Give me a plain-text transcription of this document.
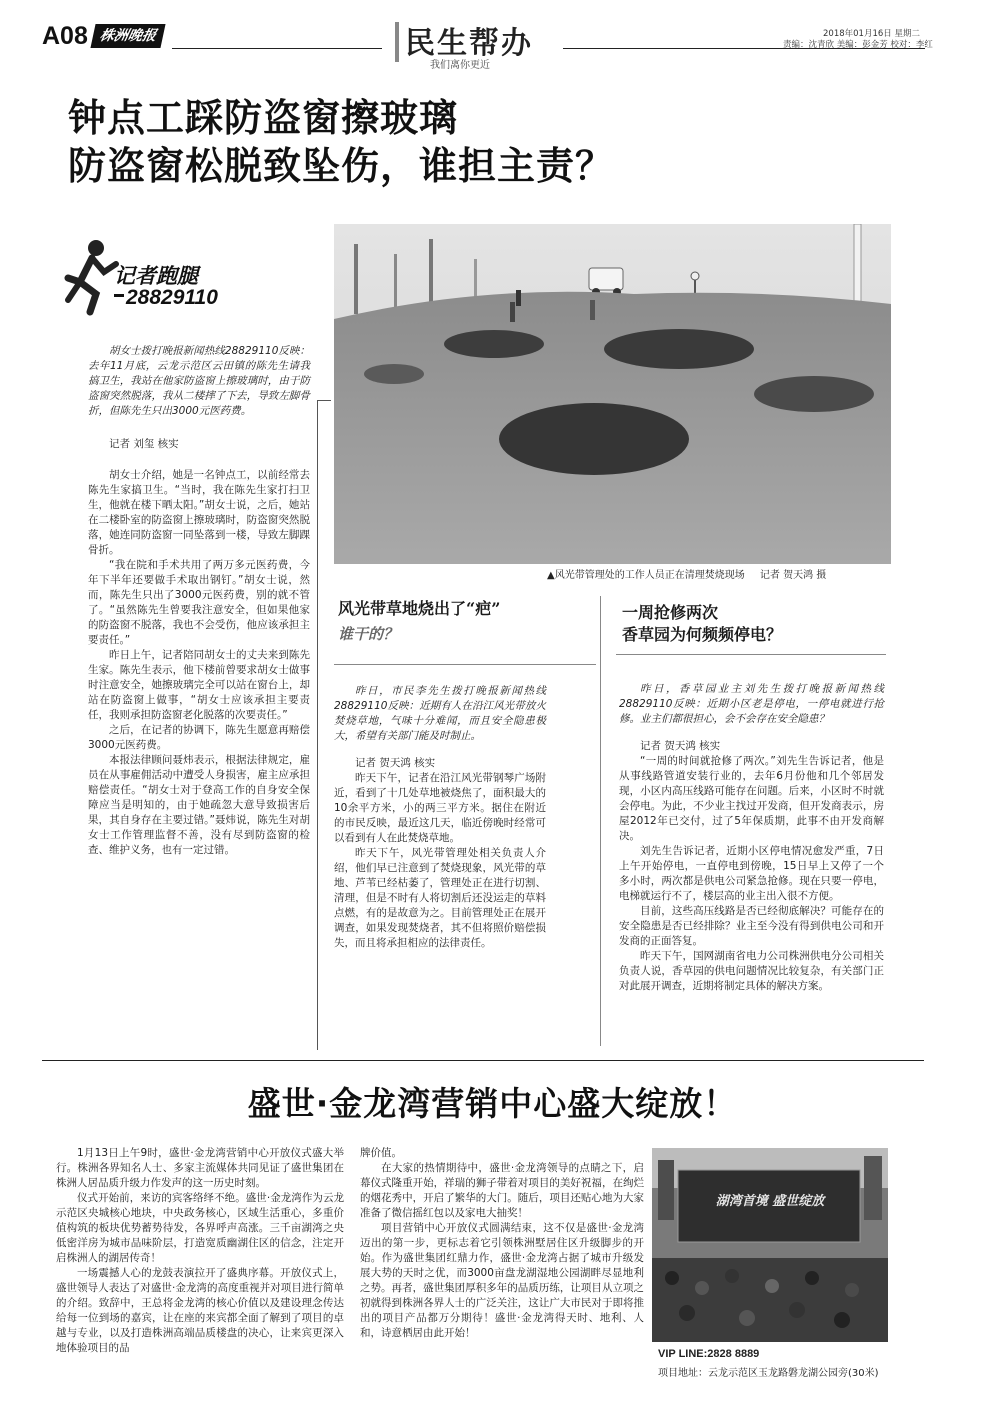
A08 株洲晚报	民生帮办
我们离你更近
2018年01月16日 星期二
责编：沈青欣 美编：彭金芳 校对：李红
钟点工踩防盗窗擦玻璃
防盗窗松脱致坠伤，谁担主责？
记者跑腿
28829110

胡女士拨打晚报新闻热线28829110反映：去年11月底，云龙示范区云田镇的陈先生请我搞卫生，我站在他家防盗窗上擦玻璃时，由于防盗窗突然脱落，我从二楼摔了下去，导致左脚骨折，但陈先生只出3000元医药费。

记者 刘玺 核实

胡女士介绍，她是一名钟点工，以前经常去陈先生家搞卫生。“当时，我在陈先生家打扫卫生，他就在楼下晒太阳。”胡女士说，之后，她站在二楼卧室的防盗窗上擦玻璃时，防盗窗突然脱落，她连同防盗窗一同坠落到一楼，导致左脚踝骨折。

“我在院和手术共用了两万多元医药费，今年下半年还要做手术取出钢钉。”胡女士说，然而，陈先生只出了3000元医药费，别的就不管了。“虽然陈先生曾要我注意安全，但如果他家的防盗窗不脱落，我也不会受伤，他应该承担主要责任。”

昨日上午，记者陪同胡女士的丈夫来到陈先生家。陈先生表示，他下楼前曾要求胡女士做事时注意安全，她擦玻璃完全可以站在窗台上，却站在防盗窗上做事，“胡女士应该承担主要责任，我则承担防盗窗老化脱落的次要责任。”

之后，在记者的协调下，陈先生愿意再赔偿3000元医药费。

本报法律顾问聂炜表示，根据法律规定，雇员在从事雇佣活动中遭受人身损害，雇主应承担赔偿责任。“胡女士对于登高工作的自身安全保障应当是明知的，由于她疏忽大意导致损害后果，其自身存在主要过错。”聂炜说，陈先生对胡女士工作管理监督不善，没有尽到防盗窗的检查、维护义务，也有一定过错。

▲风光带管理处的工作人员正在清理焚烧现场 记者 贺天鸿 摄
风光带草地烧出了“疤”
谁干的？

昨日，市民李先生拨打晚报新闻热线28829110反映：近期有人在沿江风光带放火焚烧草地，气味十分难闻，而且安全隐患极大，希望有关部门能及时制止。

记者 贺天鸿 核实

昨天下午，记者在沿江风光带钢琴广场附近，看到了十几处草地被烧焦了，面积最大的10余平方米，小的两三平方米。据住在附近的市民反映，最近这几天，临近傍晚时经常可以看到有人在此焚烧草地。

昨天下午，风光带管理处相关负责人介绍，他们早已注意到了焚烧现象，风光带的草地、芦苇已经枯萎了，管理处正在进行切割、清理，但是不时有人将切割后还没运走的草料点燃，有的是故意为之。目前管理处正在展开调查，如果发现焚烧者，其不但将照价赔偿损失，而且将承担相应的法律责任。

一周抢修两次
香草园为何频频停电？

昨日，香草园业主刘先生拨打晚报新闻热线28829110反映：近期小区老是停电，一停电就进行抢修。业主们都很担心，会不会存在安全隐患？

记者 贺天鸿 核实

“一周的时间就抢修了两次。”刘先生告诉记者，他是从事线路管道安装行业的，去年6月份他和几个邻居发现，小区内高压线路可能存在问题。后来，小区时不时就会停电。为此，不少业主找过开发商，但开发商表示，房屋2012年已交付，过了5年保质期，此事不由开发商解决。

刘先生告诉记者，近期小区停电情况愈发严重，7日上午开始停电，一直停电到傍晚，15日早上又停了一个多小时，两次都是供电公司紧急抢修。现在只要一停电，电梯就运行不了，楼层高的业主出入很不方便。

目前，这些高压线路是否已经彻底解决？可能存在的安全隐患是否已经排除？业主至今没有得到供电公司和开发商的正面答复。

昨天下午，国网湖南省电力公司株洲供电分公司相关负责人说，香草园的供电问题情况比较复杂，有关部门正对此展开调查，近期将制定具体的解决方案。

盛世·金龙湾营销中心盛大绽放！

1月13日上午9时，盛世·金龙湾营销中心开放仪式盛大举行。株洲各界知名人士、多家主流媒体共同见证了盛世集团在株洲人居品质升级力作发声的这一历史时刻。

仪式开始前，来访的宾客络绎不绝。盛世·金龙湾作为云龙示范区央城核心地块，中央政务核心，区域生活重心，多重价值构筑的板块优势蓄势待发，各界呼声高涨。三千亩湖湾之央低密洋房为城市品味阶层，打造宽质幽湖住区的信念，注定开启株洲人的湖居传奇！

一场震撼人心的龙鼓表演拉开了盛典序幕。开放仪式上，盛世领导人表达了对盛世·金龙湾的高度重视并对项目进行简单的介绍。致辞中，王总将金龙湾的核心价值以及建设理念传达给每一位到场的嘉宾，让在座的来宾都全面了解到了项目的卓越与专业，以及打造株洲高端品质楼盘的决心，让来宾更深入地体验项目的品

牌价值。

在大家的热情期待中，盛世·金龙湾领导的点睛之下，启幕仪式隆重开始，祥瑞的狮子带着对项目的美好祝福，在绚烂的烟花秀中，开启了繁华的大门。随后，项目还贴心地为大家准备了微信摇红包以及家电大抽奖！

项目营销中心开放仪式圆满结束，这不仅是盛世·金龙湾迈出的第一步，更标志着它引领株洲墅居住区升级脚步的开始。作为盛世集团红鼎力作，盛世·金龙湾占据了城市升级发展大势的天时之优，而3000亩盘龙湖湿地公园湖畔尽显地利之势。再者，盛世集团厚积多年的品质历练，让项目从立项之初就得到株洲各界人士的广泛关注，这让广大市民对于即将推出的项目产品都万分期待！盛世·金龙湾得天时、地利、人和，诗意栖居由此开始！

湖湾首境 盛世绽放
VIP LINE:2828 8889
项目地址：云龙示范区玉龙路磐龙湖公园旁(30米)
